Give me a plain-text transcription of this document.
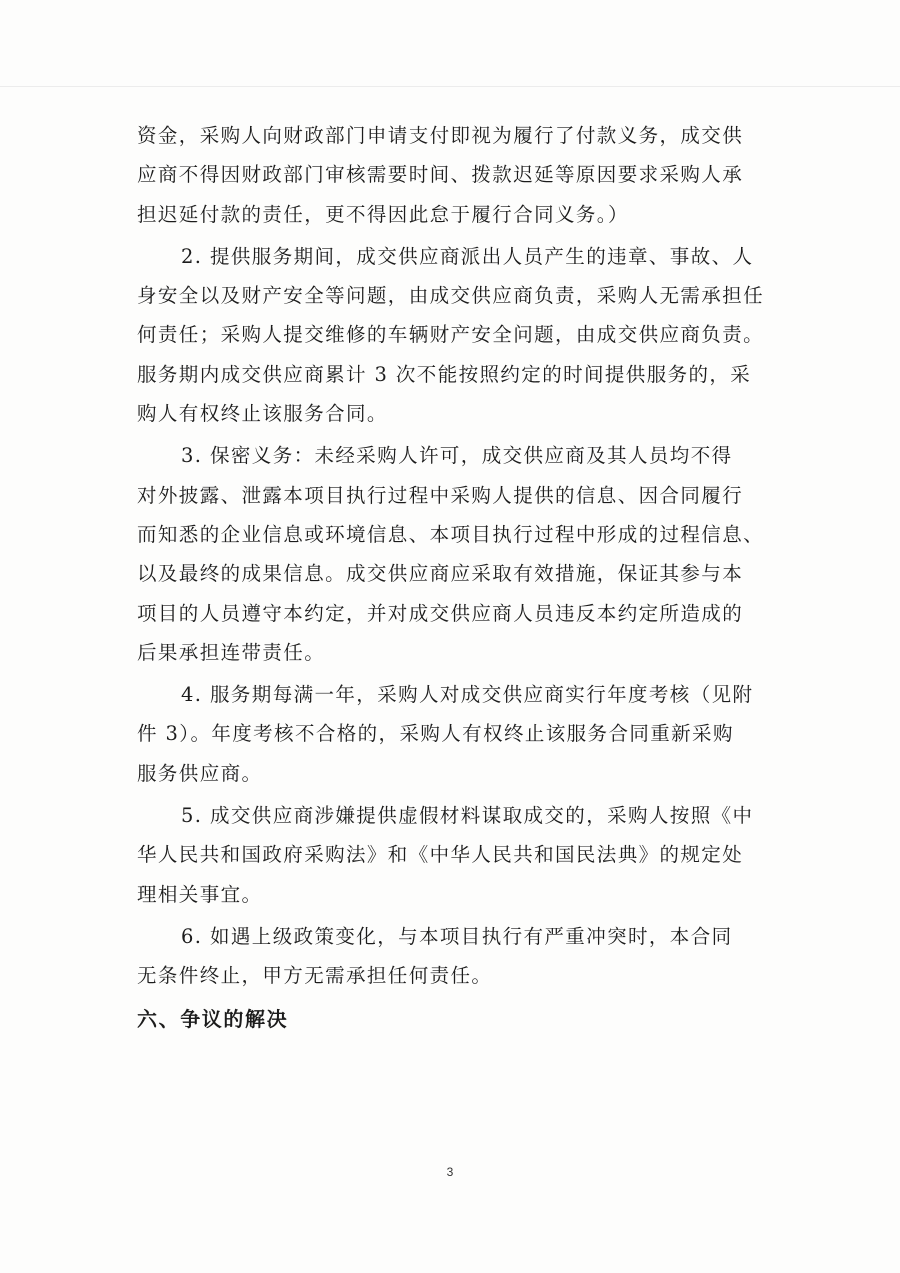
资金，采购人向财政部门申请支付即视为履行了付款义务，成交供
应商不得因财政部门审核需要时间、拨款迟延等原因要求采购人承
担迟延付款的责任，更不得因此怠于履行合同义务。）

2. 提供服务期间，成交供应商派出人员产生的违章、事故、人
身安全以及财产安全等问题，由成交供应商负责，采购人无需承担任
何责任；采购人提交维修的车辆财产安全问题，由成交供应商负责。
服务期内成交供应商累计 3 次不能按照约定的时间提供服务的，采
购人有权终止该服务合同。

3. 保密义务：未经采购人许可，成交供应商及其人员均不得
对外披露、泄露本项目执行过程中采购人提供的信息、因合同履行
而知悉的企业信息或环境信息、本项目执行过程中形成的过程信息、
以及最终的成果信息。成交供应商应采取有效措施，保证其参与本
项目的人员遵守本约定，并对成交供应商人员违反本约定所造成的
后果承担连带责任。

4. 服务期每满一年，采购人对成交供应商实行年度考核（见附
件 3）。年度考核不合格的，采购人有权终止该服务合同重新采购
服务供应商。

5. 成交供应商涉嫌提供虚假材料谋取成交的，采购人按照《中
华人民共和国政府采购法》和《中华人民共和国民法典》的规定处
理相关事宜。

6. 如遇上级政策变化，与本项目执行有严重冲突时，本合同
无条件终止，甲方无需承担任何责任。

六、争议的解决
3
